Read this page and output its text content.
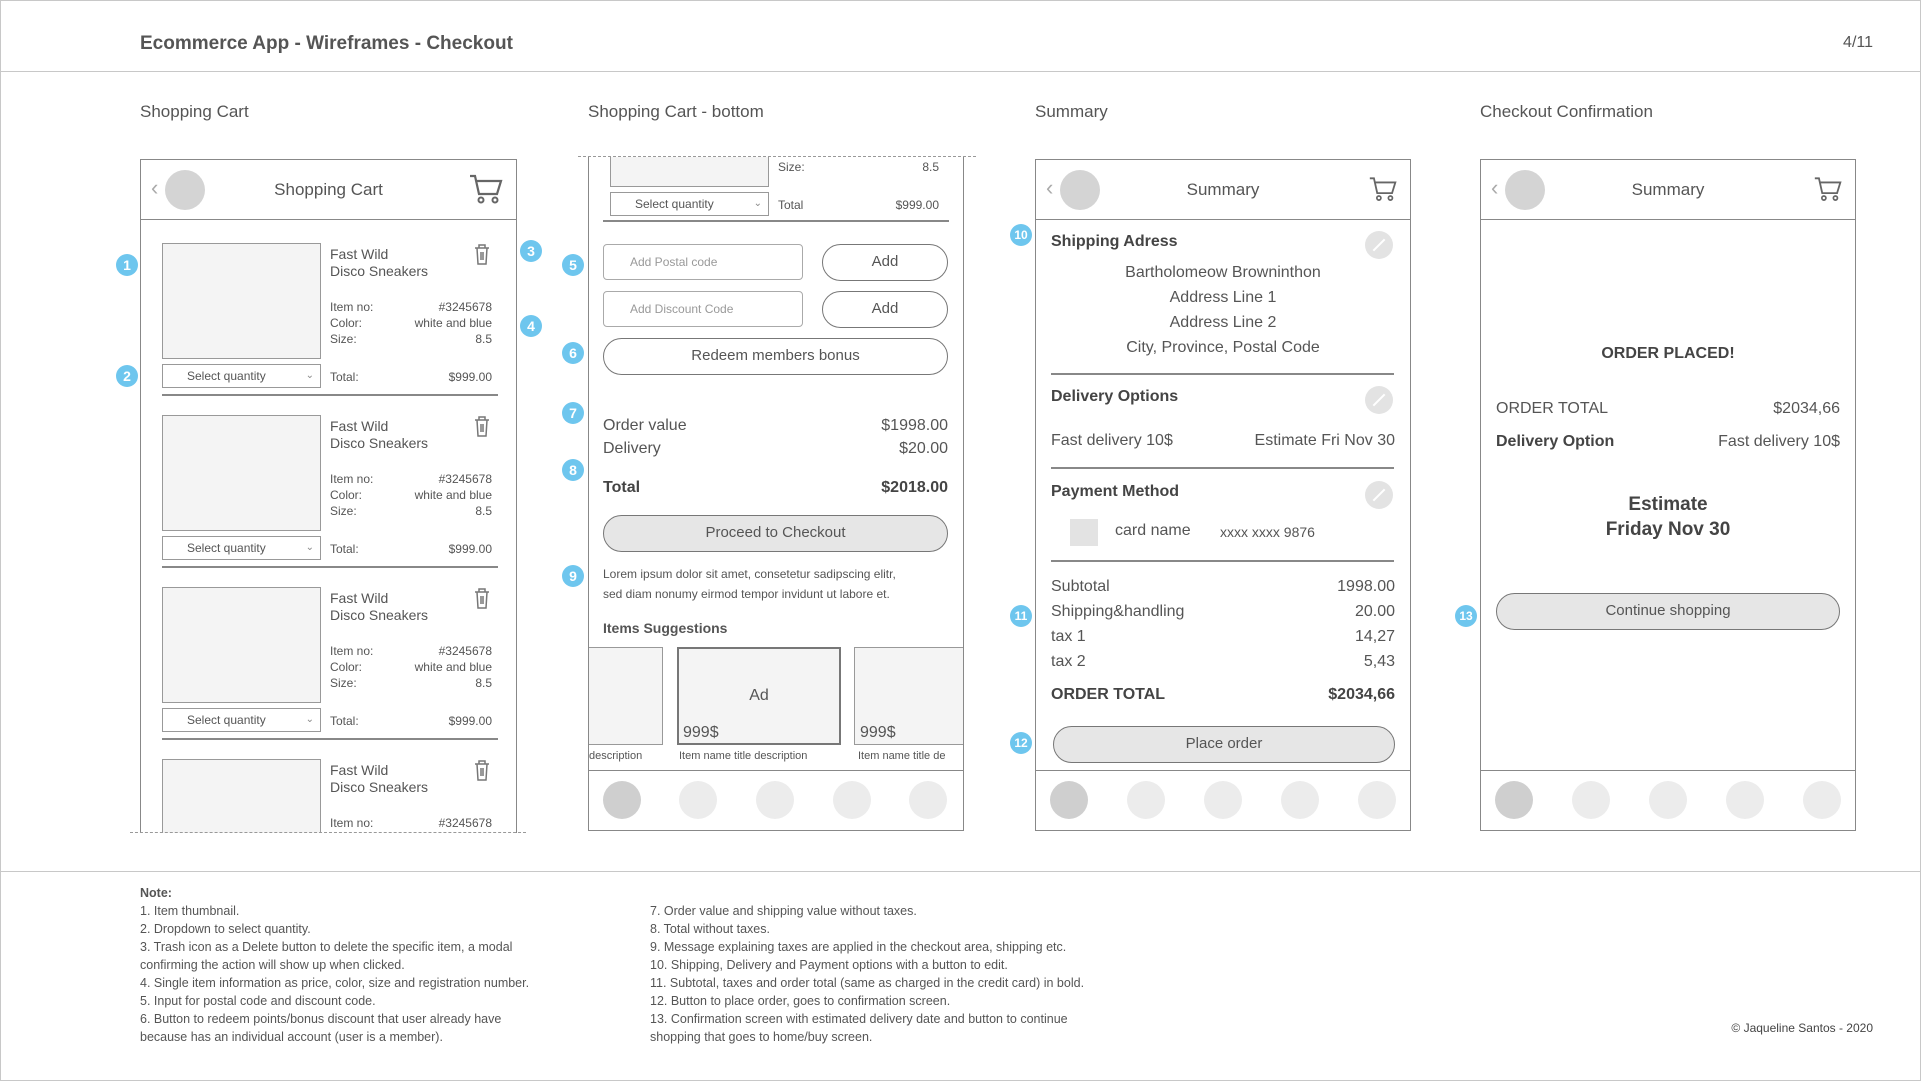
Ecommerce App - Wireframes - Checkout	4/11
Shopping Cart	Shopping Cart - bottom	Summary	Checkout Confirmation
‹	Shopping Cart
Fast Wild
Disco Sneakers
Item no:	#3245678
Color:	white and blue
Size:	8.5
Select quantity	⌄ Total:	$999.00
Fast Wild
Disco Sneakers
Item no:	#3245678
Color:	white and blue
Size:	8.5
Select quantity	⌄ Total:	$999.00
Fast Wild
Disco Sneakers
Item no:	#3245678
Color:	white and blue
Size:	8.5
Select quantity	⌄ Total:	$999.00
Fast Wild
Disco Sneakers
Item no:	#3245678
Size:	8.5
Select quantity	⌄ Total	$999.00
Add Postal code	Add
Add Discount Code	Add
Redeem members bonus
Order value	$1998.00
Delivery	$20.00
Total	$2018.00
Proceed to Checkout
Lorem ipsum dolor sit amet, consetetur sadipscing elitr,
sed diam nonumy eirmod tempor invidunt ut labore et.
Items Suggestions
Ad
999$	999$
description	Item name title description	Item name title de
‹	Summary
Shipping Adress
Bartholomeow Browninthon
Address Line 1
Address Line 2
City, Province, Postal Code
Delivery Options
Fast delivery 10$	Estimate Fri Nov 30
Payment Method
card name xxxx xxxx 9876
Subtotal	1998.00
Shipping&handling	20.00
tax 1	14,27
tax 2	5,43
ORDER TOTAL	$2034,66
Place order
‹	Summary
ORDER PLACED!
ORDER TOTAL	$2034,66
Delivery Option	Fast delivery 10$
Estimate
Friday Nov 30
Continue shopping
1
2
3
4
5
6
7
8
9
10
11
12
13
Note:
1. Item thumbnail.
2. Dropdown to select quantity.
3. Trash icon as a Delete button to delete the specific item, a modal
confirming the action will show up when clicked.
4. Single item information as price, color, size and registration number.
5. Input for postal code and discount code.
6. Button to redeem points/bonus discount that user already have
because has an individual account (user is a member).
7. Order value and shipping value without taxes.
8. Total without taxes.
9. Message explaining taxes are applied in the checkout area, shipping etc.
10. Shipping, Delivery and Payment options with a button to edit.
11. Subtotal, taxes and order total (same as charged in the credit card) in bold.
12. Button to place order, goes to confirmation screen.
13. Confirmation screen with estimated delivery date and button to continue
shopping that goes to home/buy screen.
© Jaqueline Santos - 2020
